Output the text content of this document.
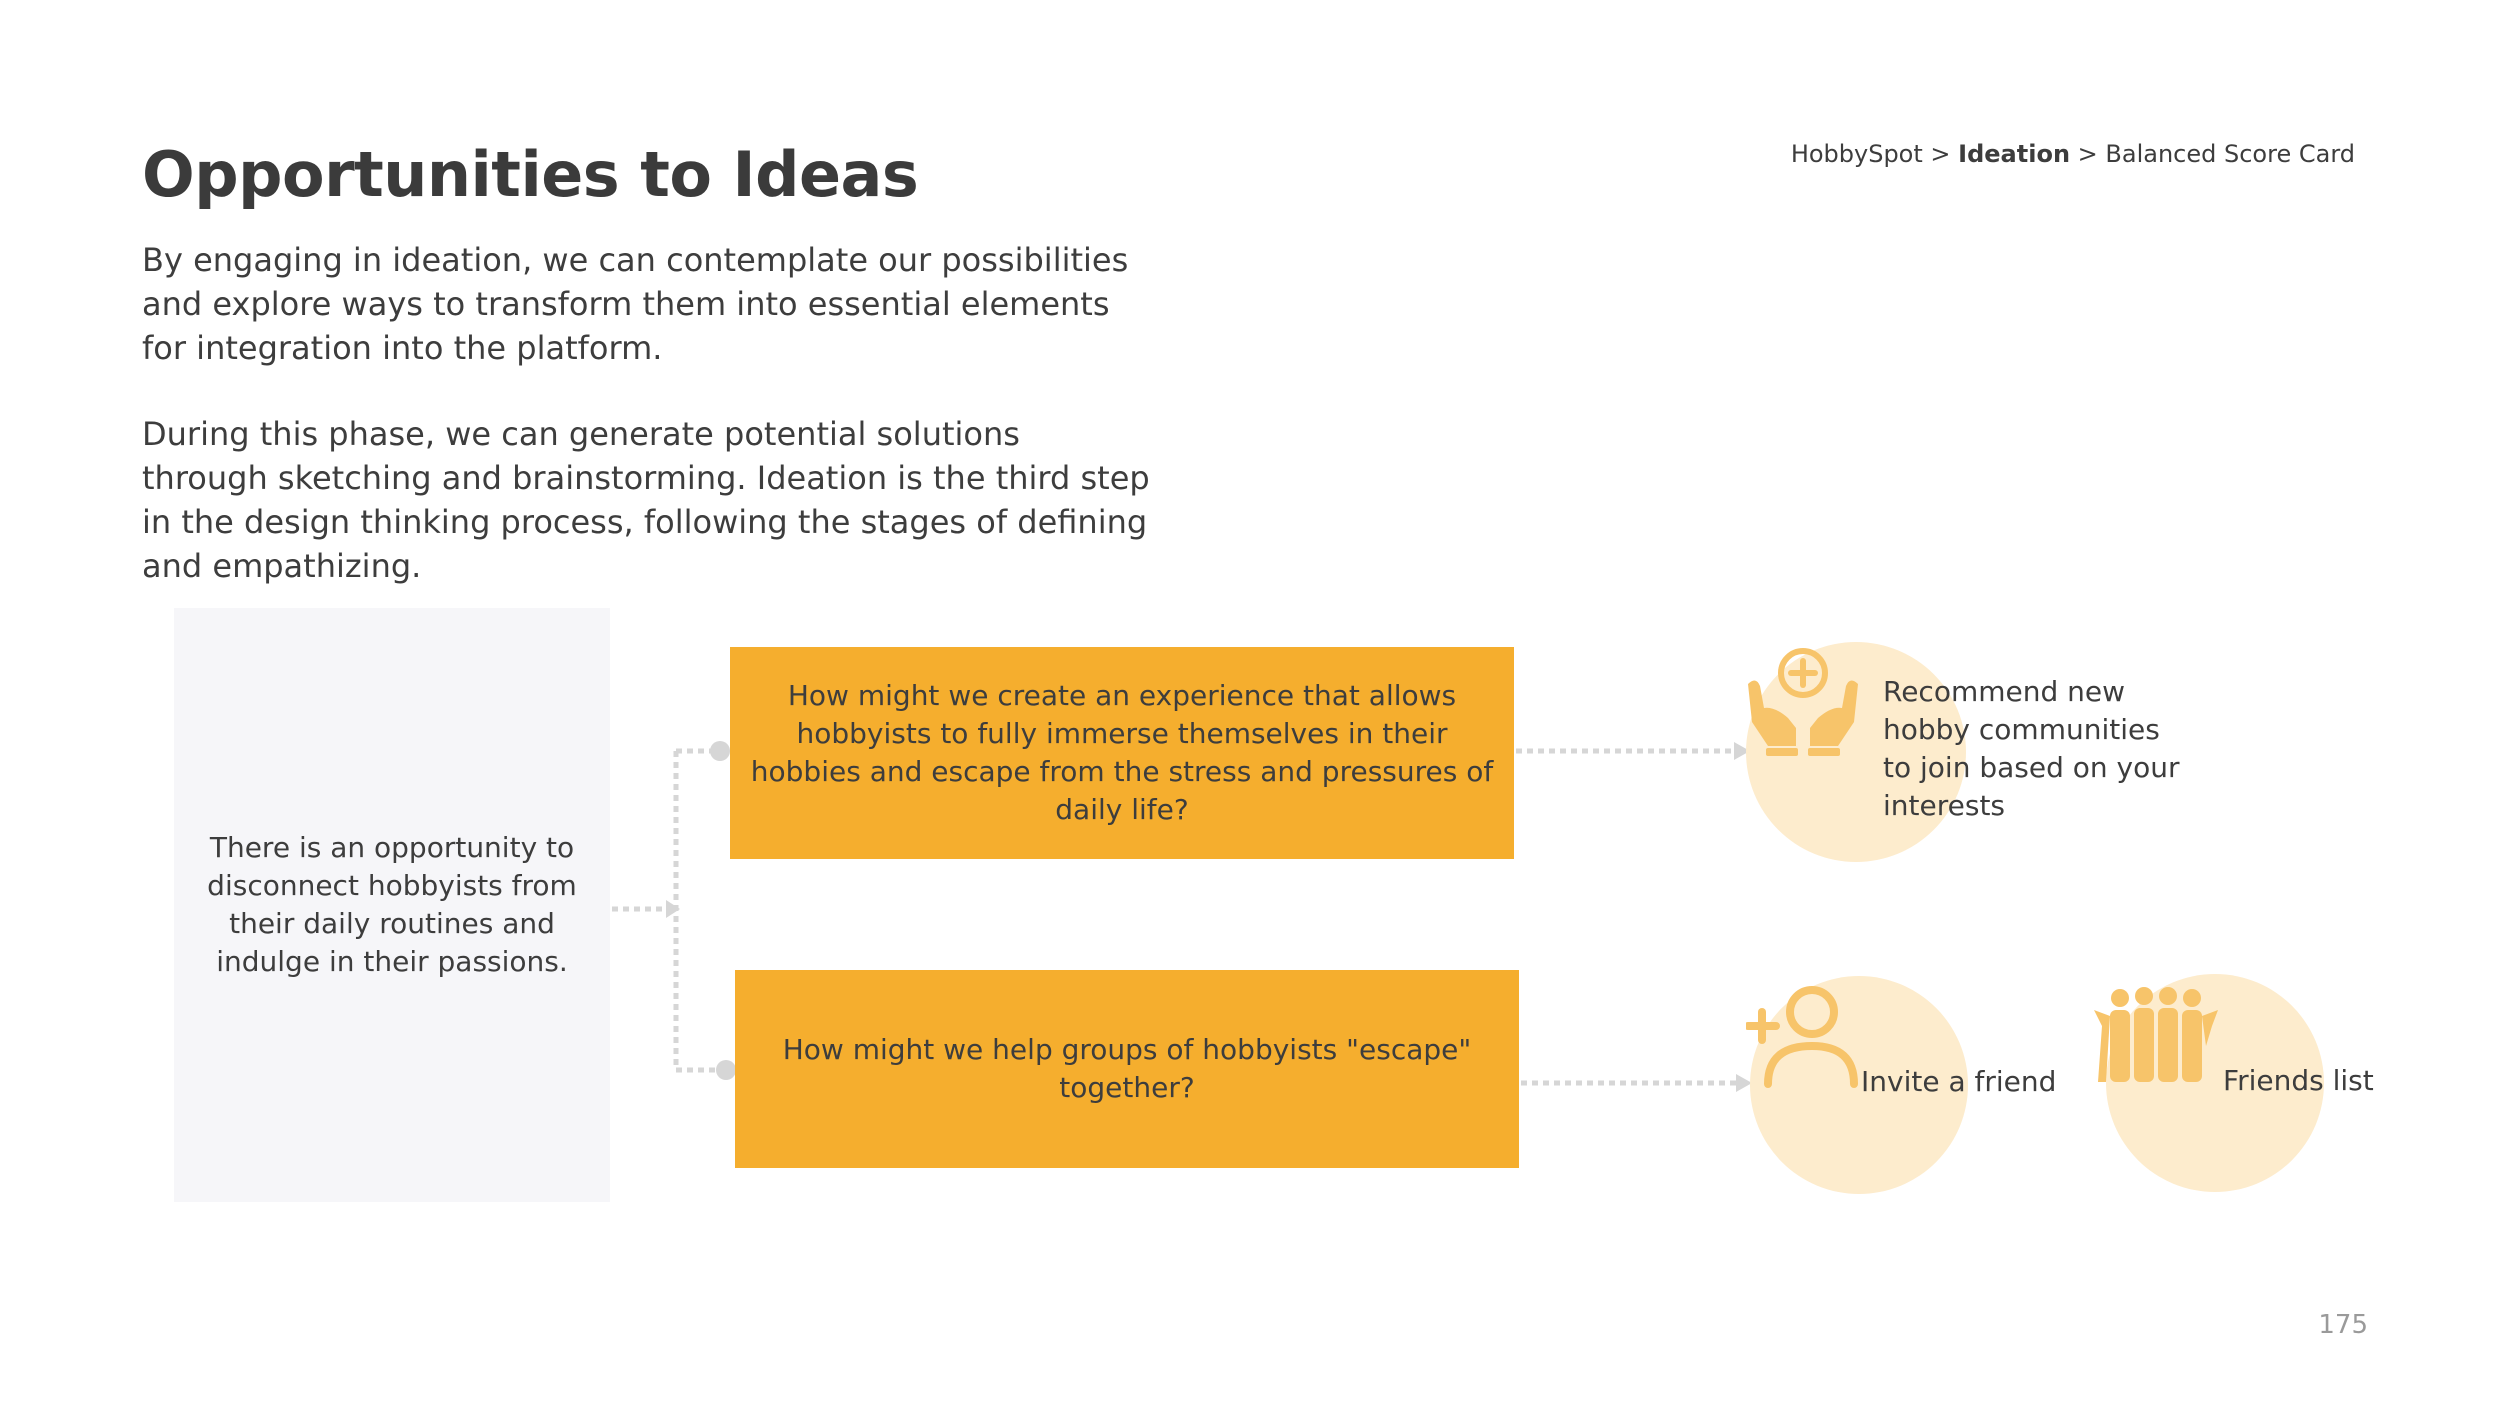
Opportunities to Ideas	HobbySpot > Ideation > Balanced Score Card

By engaging in ideation, we can contemplate our possibilities and explore ways to transform them into essential elements for integration into the platform.

During this phase, we can generate potential solutions through sketching and brainstorming. Ideation is the third step in the design thinking process, following the stages of defining and empathizing.

There is an opportunity to disconnect hobbyists from their daily routines and indulge in their passions.
How might we create an experience that allows hobbyists to fully immerse themselves in their hobbies and escape from the stress and pressures of daily life?
How might we help groups of hobbyists "escape" together?
Recommend new hobby communities to join based on your interests
Invite a friend	Friends list
175
